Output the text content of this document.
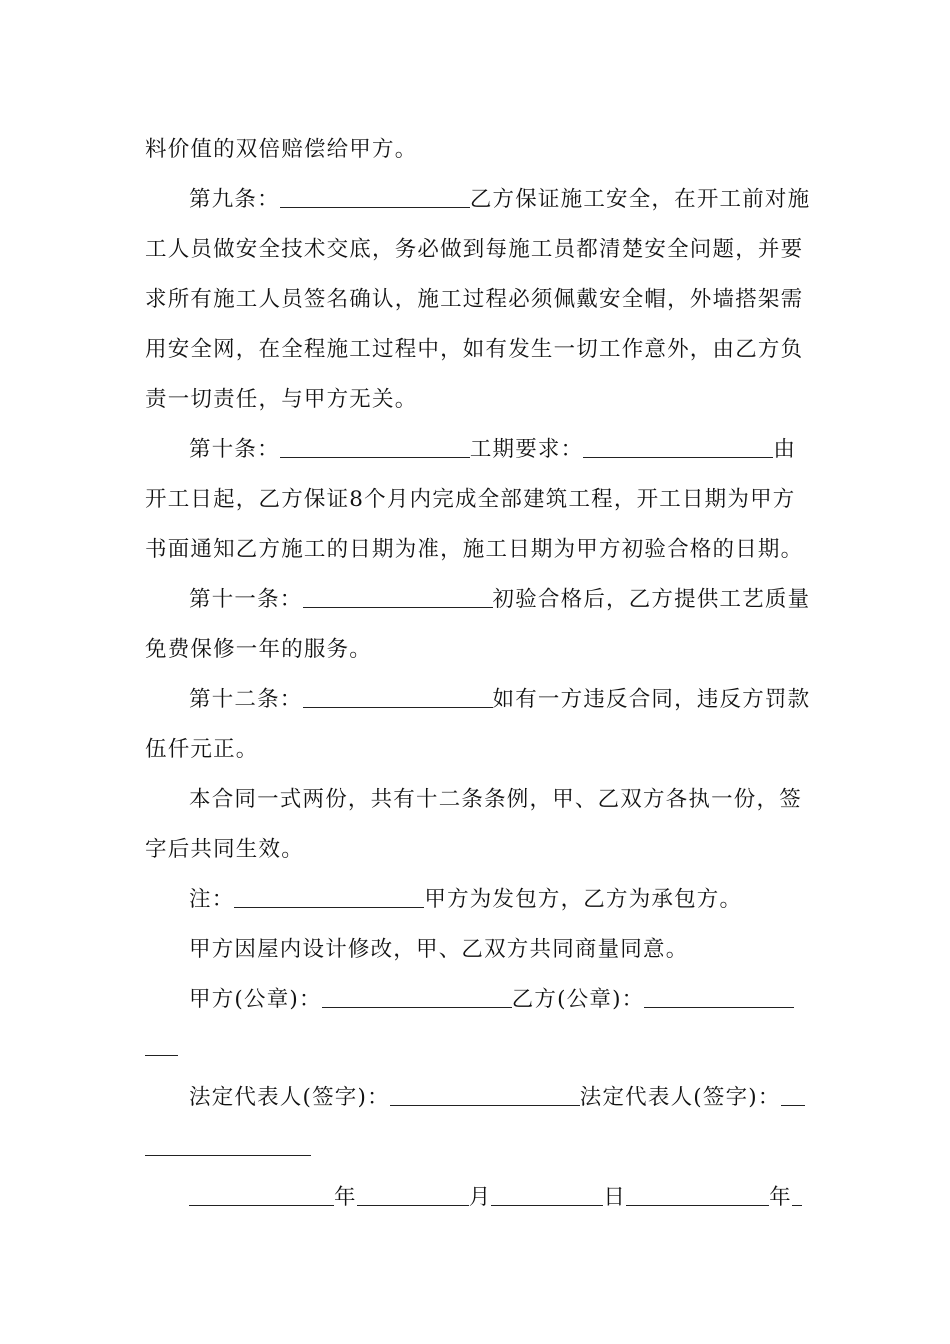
料价值的双倍赔偿给甲方。
第九条：	乙方保证施工安全，在开工前对施
工人员做安全技术交底，务必做到每施工员都清楚安全问题，并要
求所有施工人员签名确认，施工过程必须佩戴安全帽，外墙搭架需
用安全网，在全程施工过程中，如有发生一切工作意外，由乙方负
责一切责任，与甲方无关。
第十条：	工期要求：	由
开工日起，乙方保证8个月内完成全部建筑工程，开工日期为甲方
书面通知乙方施工的日期为准，施工日期为甲方初验合格的日期。
第十一条：	初验合格后，乙方提供工艺质量
免费保修一年的服务。
第十二条：	如有一方违反合同，违反方罚款
伍仟元正。
本合同一式两份，共有十二条条例，甲、乙双方各执一份，签
字后共同生效。
注：	甲方为发包方，乙方为承包方。
甲方因屋内设计修改，甲、乙双方共同商量同意。
甲方(公章)：	乙方(公章)：
法定代表人(签字)：	法定代表人(签字)：
年	月	日	年
